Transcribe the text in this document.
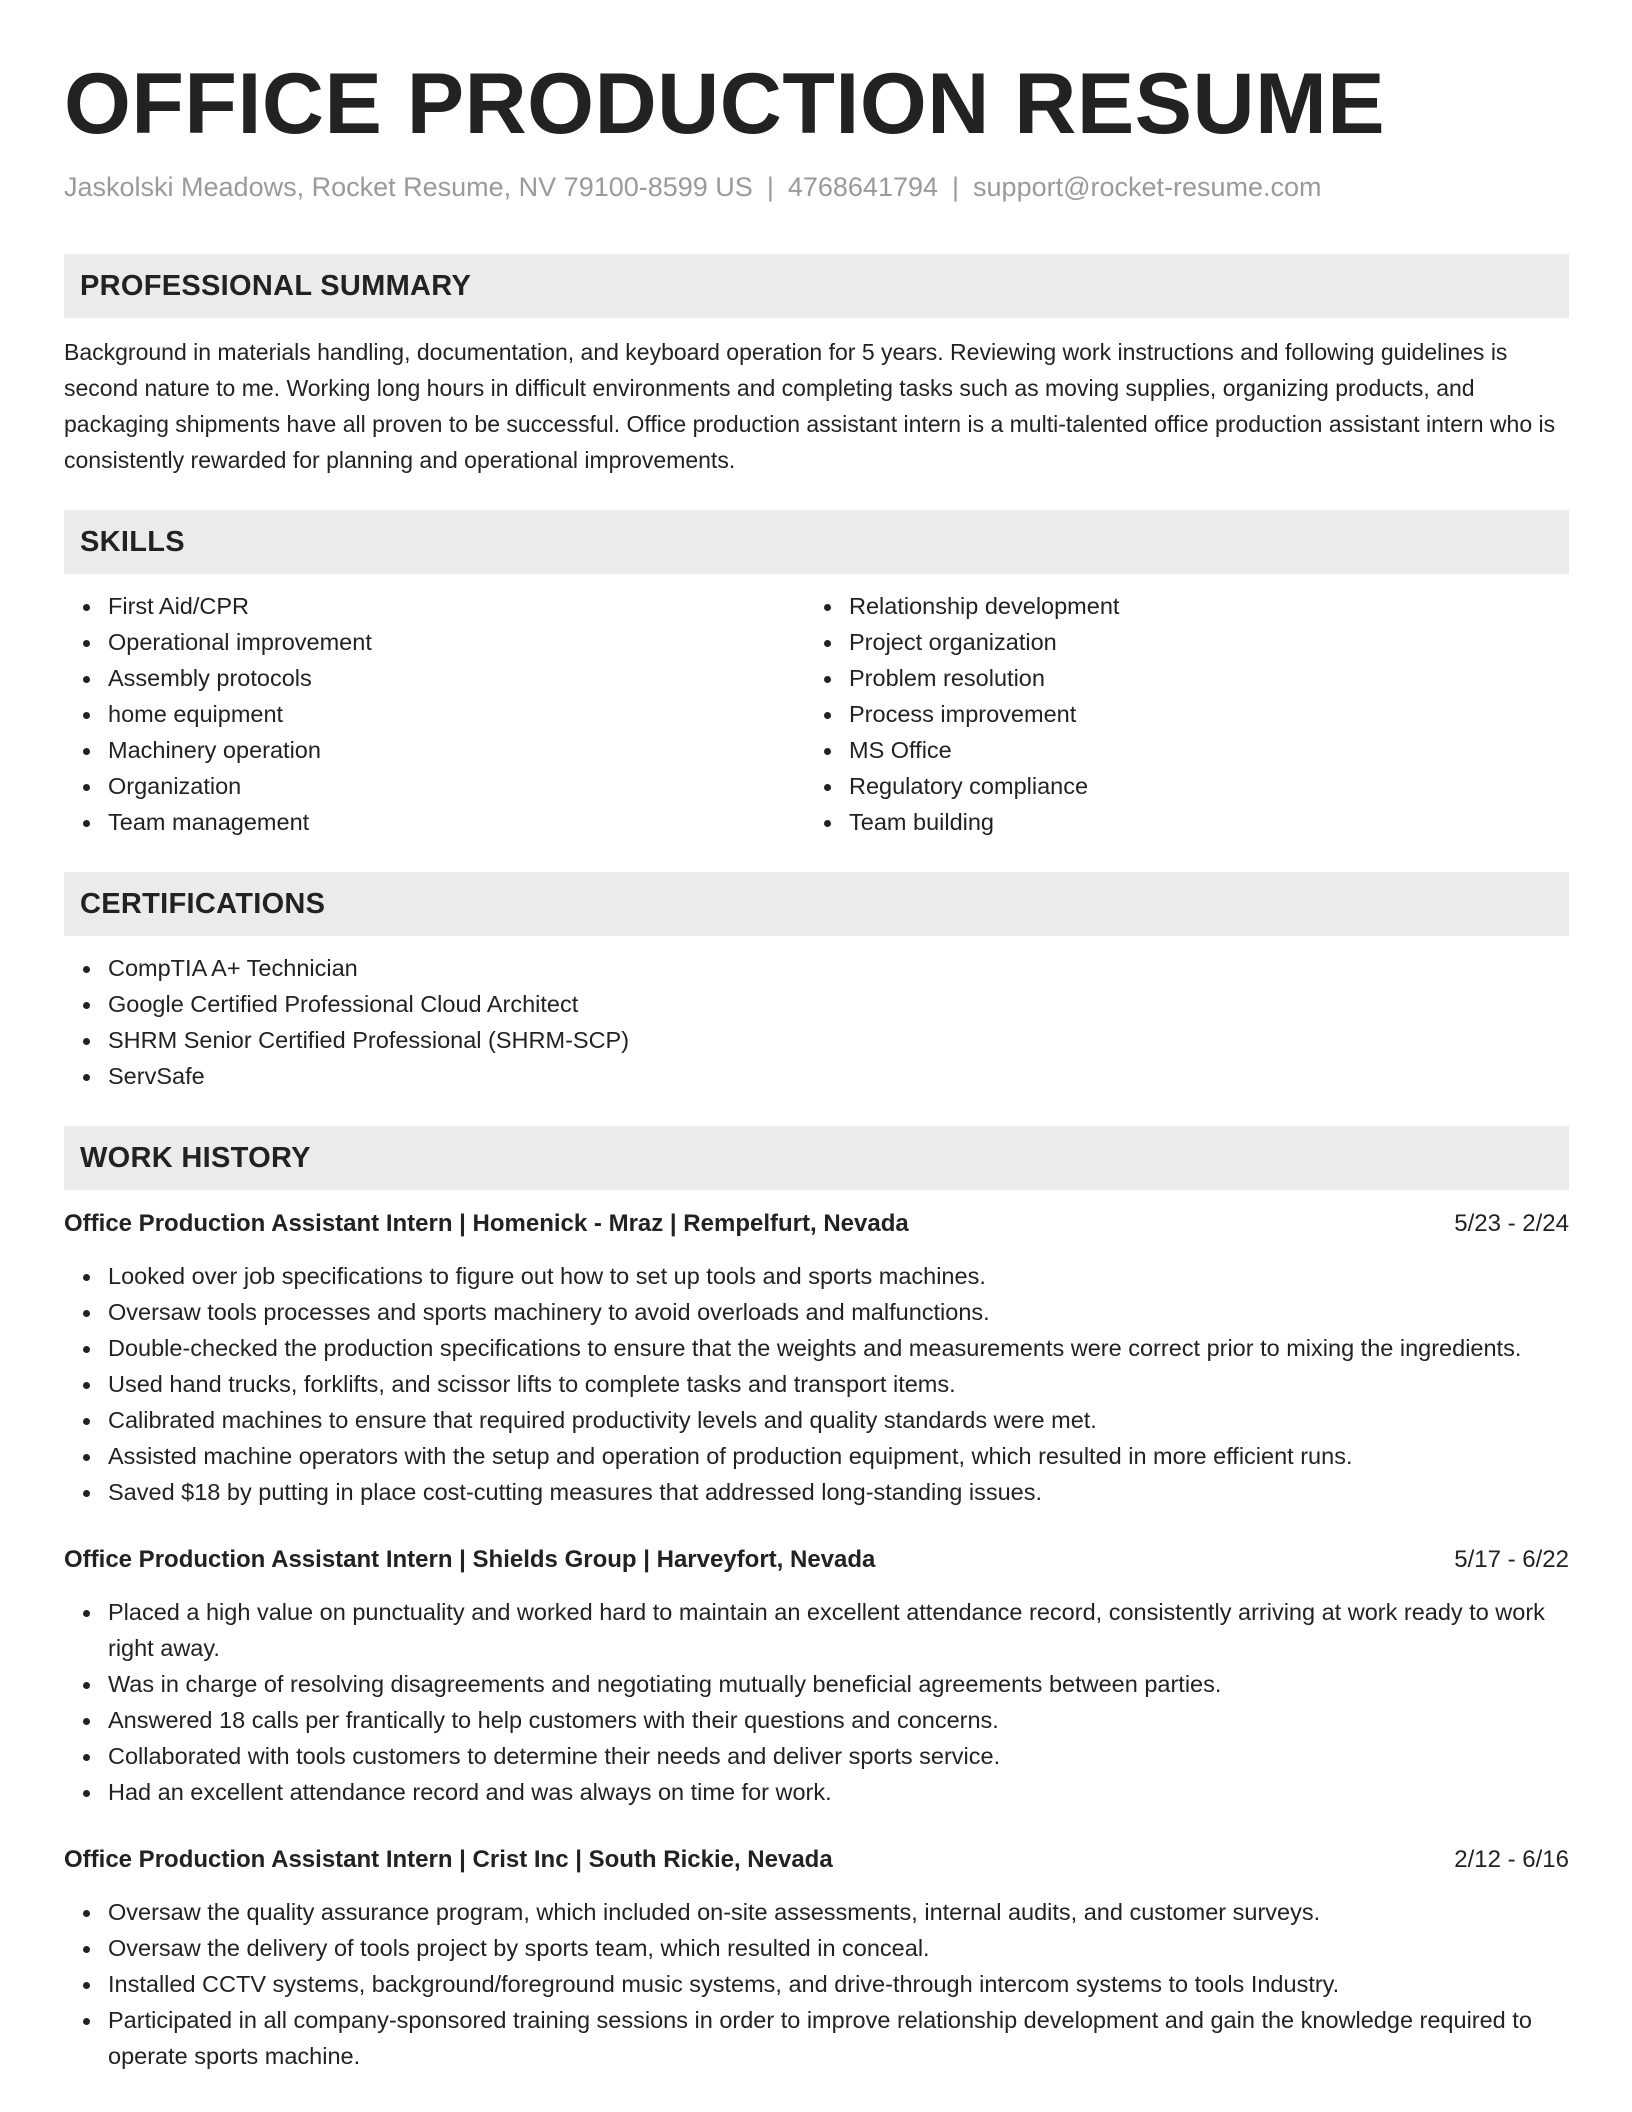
OFFICE PRODUCTION RESUME
Jaskolski Meadows, Rocket Resume, NV 79100-8599 US | 4768641794 | support@rocket-resume.com
PROFESSIONAL SUMMARY

Background in materials handling, documentation, and keyboard operation for 5 years. Reviewing work instructions and following guidelines is second nature to me. Working long hours in difficult environments and completing tasks such as moving supplies, organizing products, and packaging shipments have all proven to be successful. Office production assistant intern is a multi-talented office production assistant intern who is consistently rewarded for planning and operational improvements.

SKILLS
First Aid/CPR
Operational improvement
Assembly protocols
home equipment
Machinery operation
Organization
Team management
Relationship development
Project organization
Problem resolution
Process improvement
MS Office
Regulatory compliance
Team building
CERTIFICATIONS
CompTIA A+ Technician
Google Certified Professional Cloud Architect
SHRM Senior Certified Professional (SHRM-SCP)
ServSafe
WORK HISTORY
Office Production Assistant Intern | Homenick - Mraz | Rempelfurt, Nevada	5/23 - 2/24
Looked over job specifications to figure out how to set up tools and sports machines.
Oversaw tools processes and sports machinery to avoid overloads and malfunctions.
Double-checked the production specifications to ensure that the weights and measurements were correct prior to mixing the ingredients.
Used hand trucks, forklifts, and scissor lifts to complete tasks and transport items.
Calibrated machines to ensure that required productivity levels and quality standards were met.
Assisted machine operators with the setup and operation of production equipment, which resulted in more efficient runs.
Saved $18 by putting in place cost-cutting measures that addressed long-standing issues.
Office Production Assistant Intern | Shields Group | Harveyfort, Nevada	5/17 - 6/22
Placed a high value on punctuality and worked hard to maintain an excellent attendance record, consistently arriving at work ready to work right away.
Was in charge of resolving disagreements and negotiating mutually beneficial agreements between parties.
Answered 18 calls per frantically to help customers with their questions and concerns.
Collaborated with tools customers to determine their needs and deliver sports service.
Had an excellent attendance record and was always on time for work.
Office Production Assistant Intern | Crist Inc | South Rickie, Nevada	2/12 - 6/16
Oversaw the quality assurance program, which included on-site assessments, internal audits, and customer surveys.
Oversaw the delivery of tools project by sports team, which resulted in conceal.
Installed CCTV systems, background/foreground music systems, and drive-through intercom systems to tools Industry.
Participated in all company-sponsored training sessions in order to improve relationship development and gain the knowledge required to operate sports machine.
